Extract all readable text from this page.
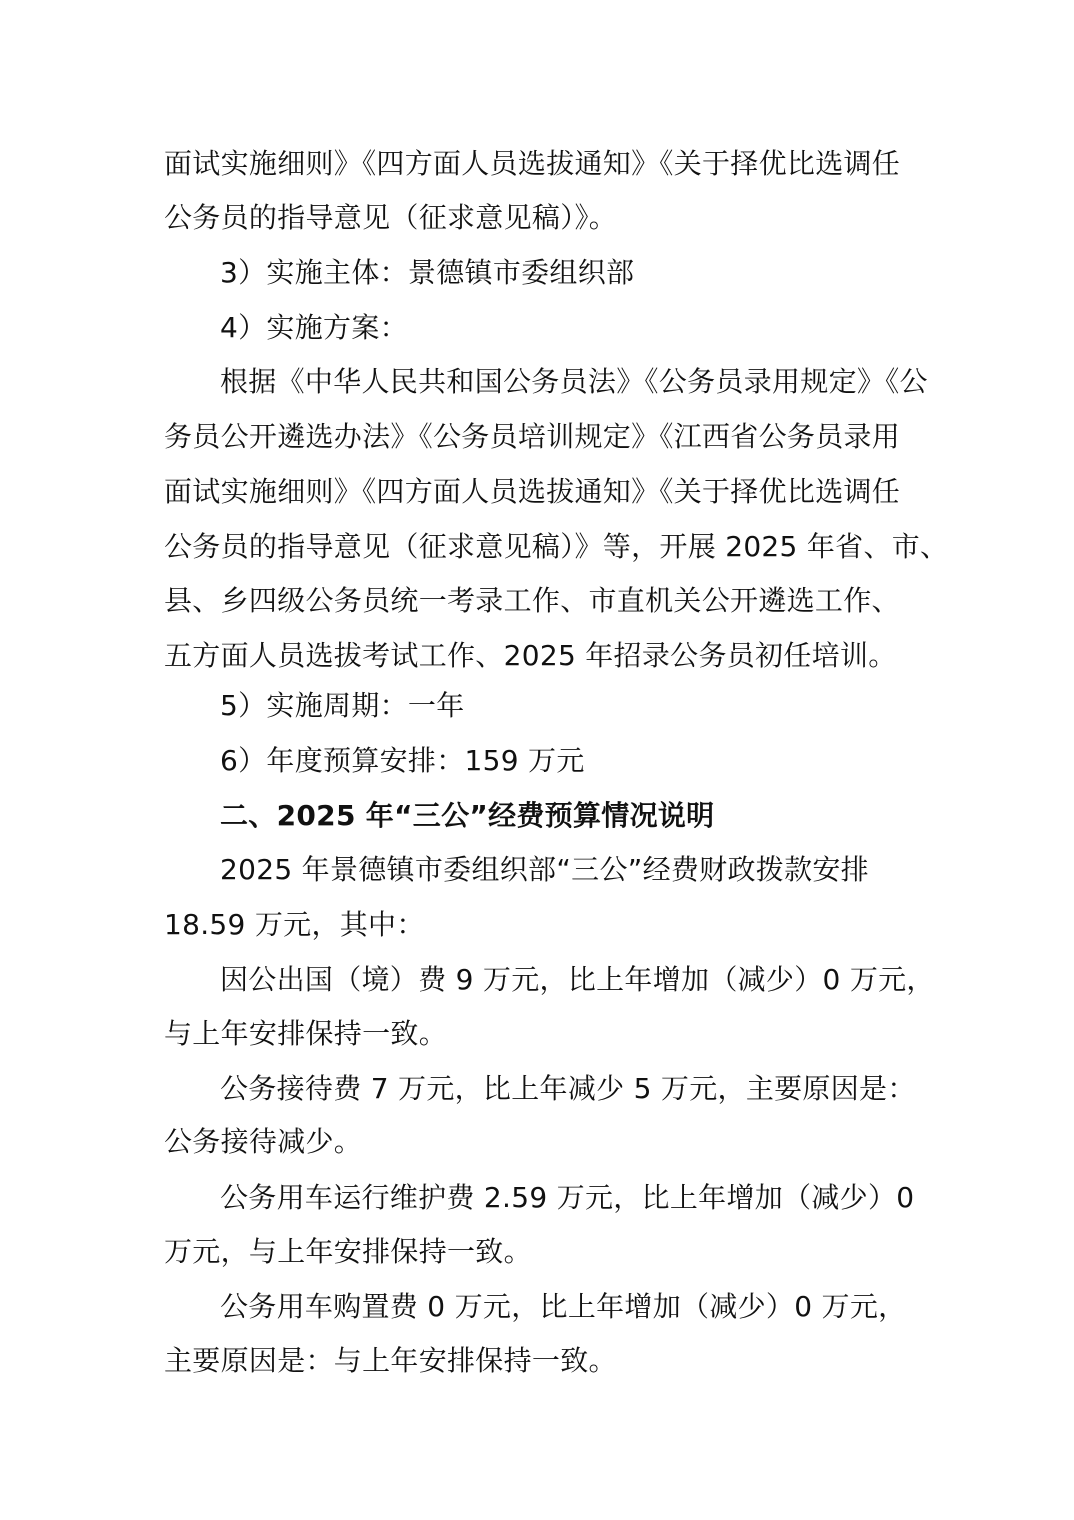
面试实施细则》《四方面人员选拔通知》《关于择优比选调任
公务员的指导意见（征求意见稿）》。
3）实施主体：景德镇市委组织部
4）实施方案：
根据《中华人民共和国公务员法》《公务员录用规定》《公
务员公开遴选办法》《公务员培训规定》《江西省公务员录用
面试实施细则》《四方面人员选拔通知》《关于择优比选调任
公务员的指导意见（征求意见稿）》等，开展 2025 年省、市、
县、乡四级公务员统一考录工作、市直机关公开遴选工作、
五方面人员选拔考试工作、2025 年招录公务员初任培训。
5）实施周期：一年
6）年度预算安排：159 万元
二、2025 年“三公”经费预算情况说明
2025 年景德镇市委组织部“三公”经费财政拨款安排
18.59 万元，其中：
因公出国（境）费 9 万元，比上年增加（减少）0 万元，
与上年安排保持一致。
公务接待费 7 万元，比上年减少 5 万元，主要原因是：
公务接待减少。
公务用车运行维护费 2.59 万元，比上年增加（减少）0
万元，与上年安排保持一致。
公务用车购置费 0 万元，比上年增加（减少）0 万元，
主要原因是：与上年安排保持一致。
